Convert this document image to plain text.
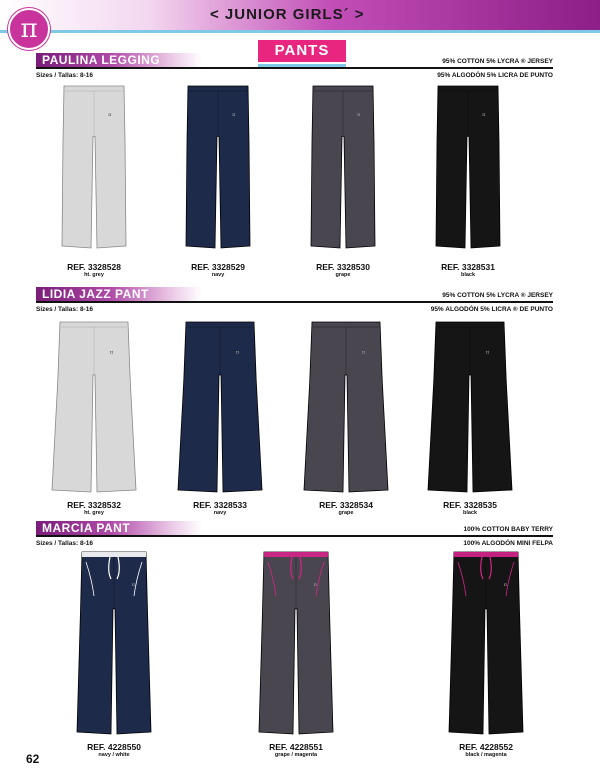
< JUNIOR GIRLS´ >
π
PANTS
PAULINA LEGGING
Sizes / Tallas: 8-16
95% COTTON 5% LYCRA ® JERSEY
95% ALGODÓN 5% LICRA DE PUNTO
LIDIA JAZZ PANT
Sizes / Tallas: 8-16
95% COTTON 5% LYCRA ® JERSEY
95% ALGODÓN 5% LICRA ® DE PUNTO
MARCIA PANT
Sizes / Tallas: 8-16
100% COTTON BABY TERRY
100% ALGODÓN MINI FELPA
π
REF. 3328528
ht. grey
π
REF. 3328529
navy
π
REF. 3328530
grape
π
REF. 3328531
black
π
REF. 3328532
ht. grey
π
REF. 3328533
navy
π
REF. 3328534
grape
π
REF. 3328535
black
π
REF. 4228550
navy / white
π
REF. 4228551
grape / magenta
π
REF. 4228552
black / magenta
62
